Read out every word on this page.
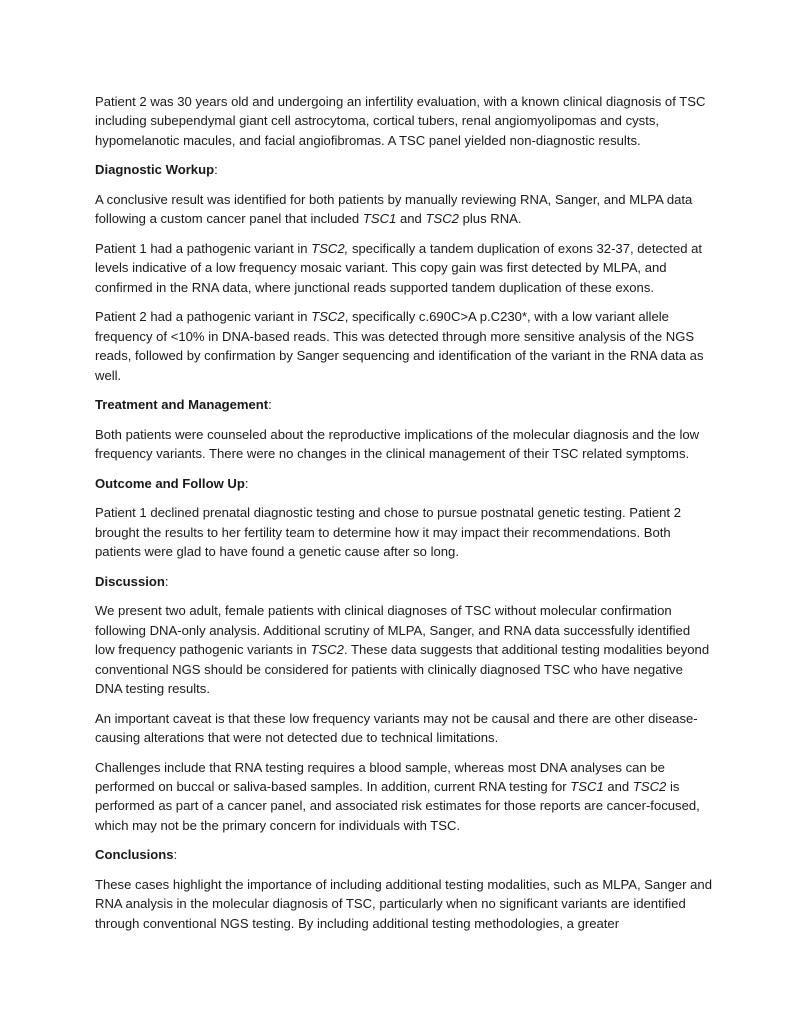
Patient 2 was 30 years old and undergoing an infertility evaluation, with a known clinical diagnosis of TSC including subependymal giant cell astrocytoma, cortical tubers, renal angiomyolipomas and cysts, hypomelanotic macules, and facial angiofibromas. A TSC panel yielded non-diagnostic results.

Diagnostic Workup:

A conclusive result was identified for both patients by manually reviewing RNA, Sanger, and MLPA data following a custom cancer panel that included TSC1 and TSC2 plus RNA.

Patient 1 had a pathogenic variant in TSC2, specifically a tandem duplication of exons 32-37, detected at levels indicative of a low frequency mosaic variant. This copy gain was first detected by MLPA, and confirmed in the RNA data, where junctional reads supported tandem duplication of these exons.

Patient 2 had a pathogenic variant in TSC2, specifically c.690C>A p.C230*, with a low variant allele frequency of <10% in DNA-based reads. This was detected through more sensitive analysis of the NGS reads, followed by confirmation by Sanger sequencing and identification of the variant in the RNA data as well.

Treatment and Management:

Both patients were counseled about the reproductive implications of the molecular diagnosis and the low frequency variants. There were no changes in the clinical management of their TSC related symptoms.

Outcome and Follow Up:

Patient 1 declined prenatal diagnostic testing and chose to pursue postnatal genetic testing. Patient 2 brought the results to her fertility team to determine how it may impact their recommendations. Both patients were glad to have found a genetic cause after so long.

Discussion:

We present two adult, female patients with clinical diagnoses of TSC without molecular confirmation following DNA-only analysis. Additional scrutiny of MLPA, Sanger, and RNA data successfully identified low frequency pathogenic variants in TSC2. These data suggests that additional testing modalities beyond conventional NGS should be considered for patients with clinically diagnosed TSC who have negative DNA testing results.

An important caveat is that these low frequency variants may not be causal and there are other disease-causing alterations that were not detected due to technical limitations.

Challenges include that RNA testing requires a blood sample, whereas most DNA analyses can be performed on buccal or saliva-based samples. In addition, current RNA testing for TSC1 and TSC2 is performed as part of a cancer panel, and associated risk estimates for those reports are cancer-focused, which may not be the primary concern for individuals with TSC.

Conclusions:

These cases highlight the importance of including additional testing modalities, such as MLPA, Sanger and RNA analysis in the molecular diagnosis of TSC, particularly when no significant variants are identified through conventional NGS testing. By including additional testing methodologies, a greater
